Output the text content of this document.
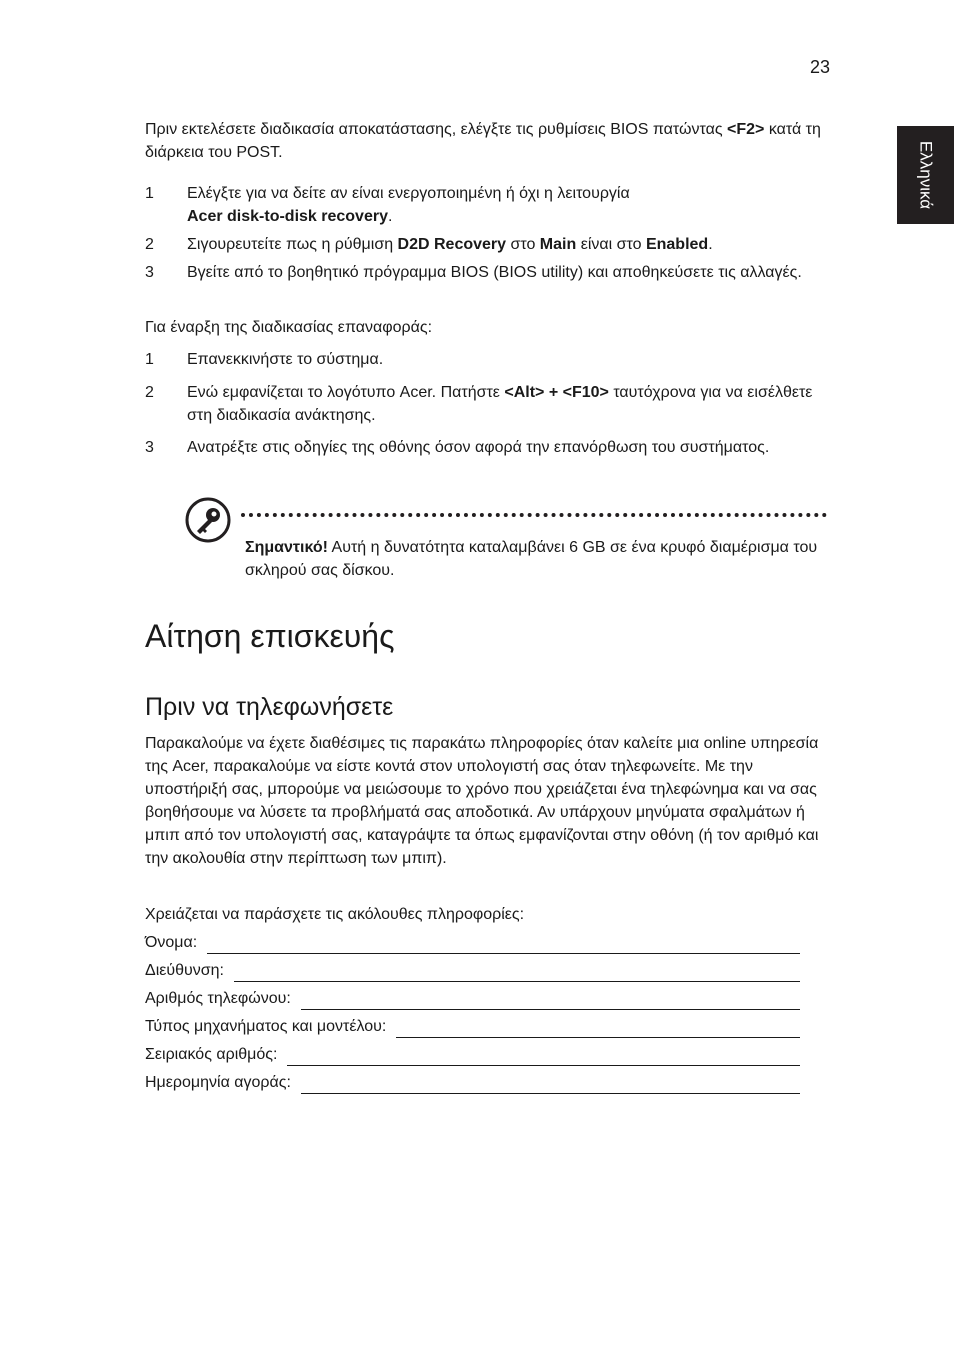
23
Ελληνικά
Πριν εκτελέσετε διαδικασία αποκατάστασης, ελέγξτε τις ρυθμίσεις BIOS πατώντας <F2> κατά τη διάρκεια του POST.
1	Ελέγξτε για να δείτε αν είναι ενεργοποιημένη ή όχι η λειτουργία
Acer disk-to-disk recovery.
2	Σιγουρευτείτε πως η ρύθμιση D2D Recovery στο Main είναι στο Enabled.
3	Βγείτε από το βοηθητικό πρόγραμμα BIOS (BIOS utility) και αποθηκεύσετε τις αλλαγές.
Για έναρξη της διαδικασίας επαναφοράς:
1	Επανεκκινήστε το σύστημα.
2	Ενώ εμφανίζεται το λογότυπο Acer. Πατήστε <Alt> + <F10> ταυτόχρονα για να εισέλθετε στη διαδικασία ανάκτησης.
3	Ανατρέξτε στις οδηγίες της οθόνης όσον αφορά την επανόρθωση του συστήματος.
Σημαντικό! Αυτή η δυνατότητα καταλαμβάνει 6 GB σε ένα κρυφό διαμέρισμα του σκληρού σας δίσκου.
Αίτηση επισκευής
Πριν να τηλεφωνήσετε
Παρακαλούμε να έχετε διαθέσιμες τις παρακάτω πληροφορίες όταν καλείτε μια online υπηρεσία της Acer, παρακαλούμε να είστε κοντά στον υπολογιστή σας όταν τηλεφωνείτε. Με την υποστήριξή σας, μπορούμε να μειώσουμε το χρόνο που χρειάζεται ένα τηλεφώνημα και να σας βοηθήσουμε να λύσετε τα προβλήματά σας αποδοτικά. Αν υπάρχουν μηνύματα σφαλμάτων ή μπιπ από τον υπολογιστή σας, καταγράψτε τα όπως εμφανίζονται στην οθόνη (ή τον αριθμό και την ακολουθία στην περίπτωση των μπιπ).
Χρειάζεται να παράσχετε τις ακόλουθες πληροφορίες:
Όνομα:
Διεύθυνση:
Αριθμός τηλεφώνου:
Τύπος μηχανήματος και μοντέλου:
Σειριακός αριθμός:
Ημερομηνία αγοράς:
